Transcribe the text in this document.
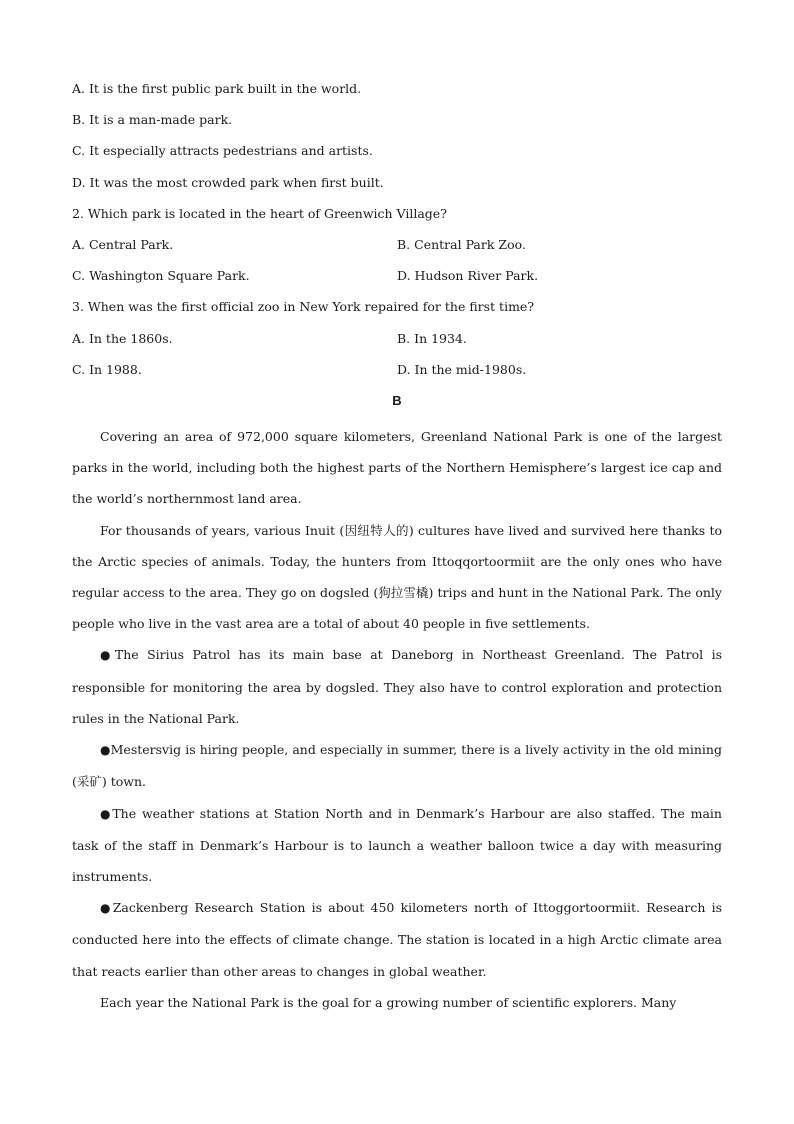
A. It is the first public park built in the world.
B. It is a man-made park.
C. It especially attracts pedestrians and artists.
D. It was the most crowded park when first built.
2. Which park is located in the heart of Greenwich Village?
A. Central Park.	B. Central Park Zoo.
C. Washington Square Park.	D. Hudson River Park.
3. When was the first official zoo in New York repaired for the first time?
A. In the 1860s.	B. In 1934.
C. In 1988.	D. In the mid-1980s.
B

Covering an area of 972,000 square kilometers, Greenland National Park is one of the largest parks in the world, including both the highest parts of the Northern Hemisphere’s largest ice cap and the world’s northernmost land area.

For thousands of years, various Inuit (因纽特人的) cultures have lived and survived here thanks to the Arctic species of animals. Today, the hunters from Ittoqqortoormiit are the only ones who have regular access to the area. They go on dogsled (狗拉雪橇) trips and hunt in the National Park. The only people who live in the vast area are a total of about 40 people in five settlements.

●The Sirius Patrol has its main base at Daneborg in Northeast Greenland. The Patrol is responsible for monitoring the area by dogsled. They also have to control exploration and protection rules in the National Park.

●Mestersvig is hiring people, and especially in summer, there is a lively activity in the old mining (采矿) town.

●The weather stations at Station North and in Denmark’s Harbour are also staffed. The main task of the staff in Denmark’s Harbour is to launch a weather balloon twice a day with measuring instruments.

●Zackenberg Research Station is about 450 kilometers north of Ittoggortoormiit. Research is conducted here into the effects of climate change. The station is located in a high Arctic climate area that reacts earlier than other areas to changes in global weather.

Each year the National Park is the goal for a growing number of scientific explorers. Many
